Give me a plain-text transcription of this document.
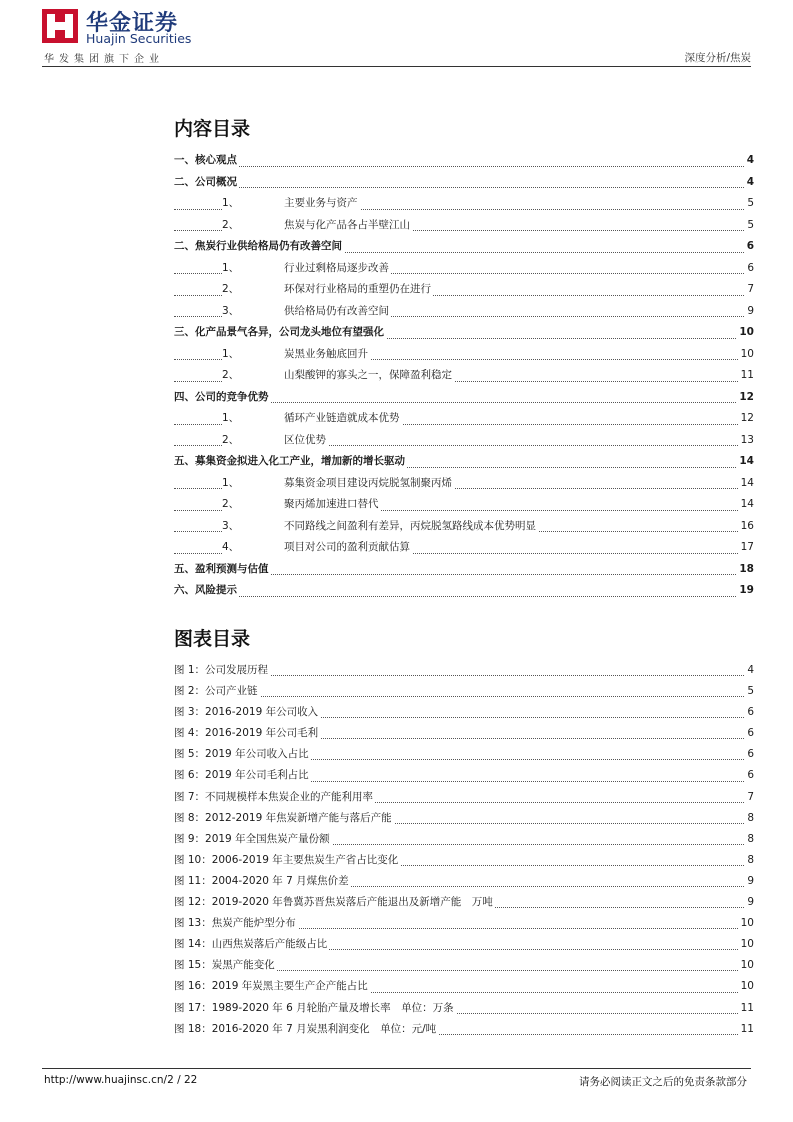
华金证券
Huajin Securities
华发集团旗下企业	深度分析/焦炭
内容目录
一、核心观点	4
二、公司概况	4
1、	主要业务与资产	5
2、	焦炭与化产品各占半壁江山	5
二、焦炭行业供给格局仍有改善空间	6
1、	行业过剩格局逐步改善	6
2、	环保对行业格局的重塑仍在进行	7
3、	供给格局仍有改善空间	9
三、化产品景气各异，公司龙头地位有望强化	10
1、	炭黑业务触底回升	10
2、	山梨酸钾的寡头之一，保障盈利稳定	11
四、公司的竞争优势	12
1、	循环产业链造就成本优势	12
2、	区位优势	13
五、募集资金拟进入化工产业，增加新的增长驱动	14
1、	募集资金项目建设丙烷脱氢制聚丙烯	14
2、	聚丙烯加速进口替代	14
3、	不同路线之间盈利有差异，丙烷脱氢路线成本优势明显	16
4、	项目对公司的盈利贡献估算	17
五、盈利预测与估值	18
六、风险提示	19
图表目录
图 1：公司发展历程	4
图 2：公司产业链	5
图 3：2016-2019 年公司收入	6
图 4：2016-2019 年公司毛利	6
图 5：2019 年公司收入占比	6
图 6：2019 年公司毛利占比	6
图 7：不同规模样本焦炭企业的产能利用率	7
图 8：2012-2019 年焦炭新增产能与落后产能	8
图 9：2019 年全国焦炭产量份额	8
图 10：2006-2019 年主要焦炭生产省占比变化	8
图 11：2004-2020 年 7 月煤焦价差	9
图 12：2019-2020 年鲁冀苏晋焦炭落后产能退出及新增产能　万吨	9
图 13：焦炭产能炉型分布	10
图 14：山西焦炭落后产能级占比	10
图 15：炭黑产能变化	10
图 16：2019 年炭黑主要生产企产能占比	10
图 17：1989-2020 年 6 月轮胎产量及增长率　单位：万条	11
图 18：2016-2020 年 7 月炭黑利润变化　单位：元/吨	11
http://www.huajinsc.cn/2 / 22	请务必阅读正文之后的免责条款部分
